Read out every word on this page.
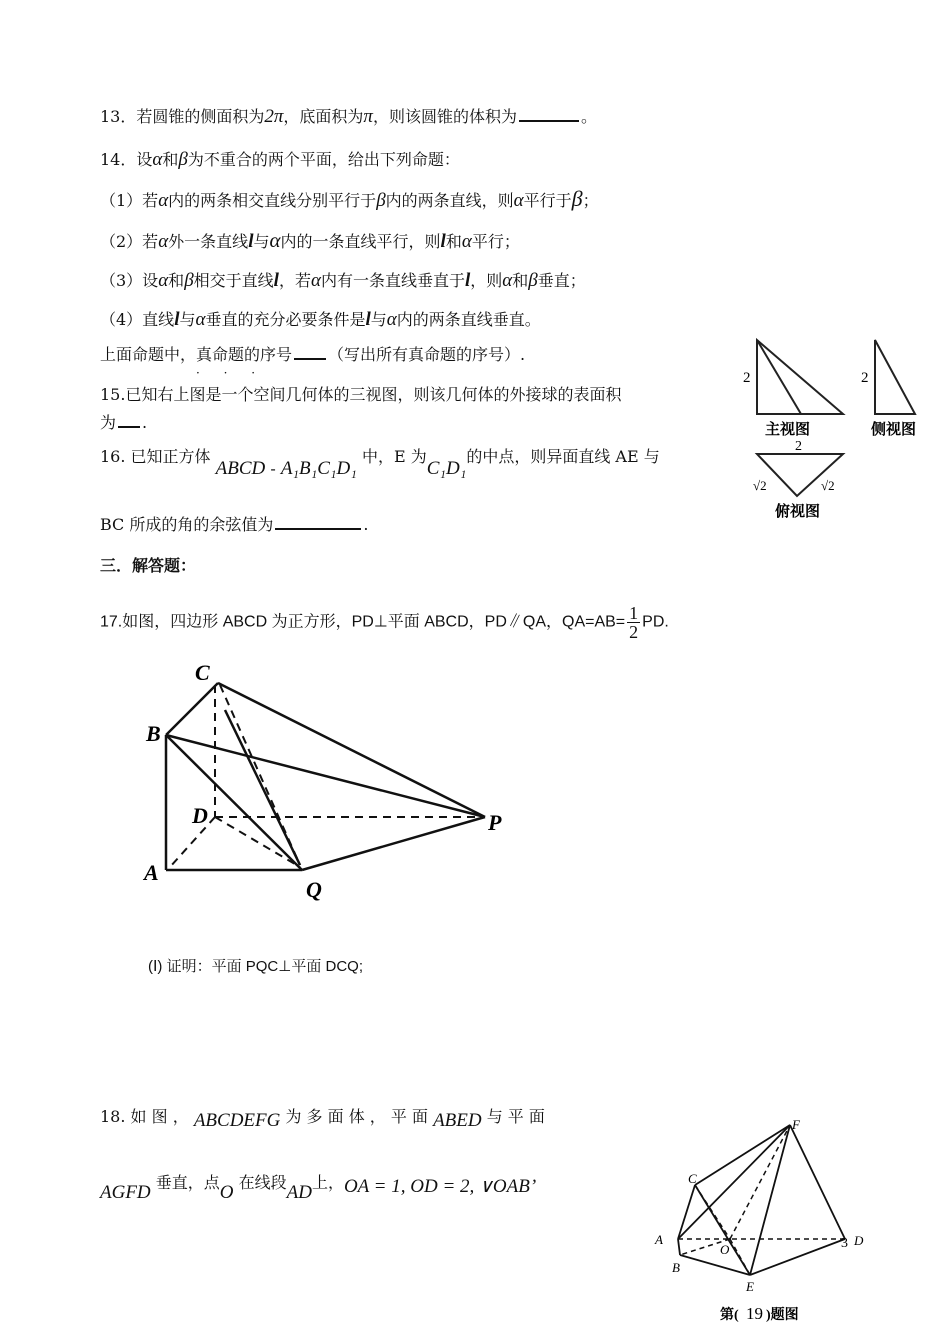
13．若圆锥的侧面积为2π，底面积为π，则该圆锥的体积为	。
14．设α和β为不重合的两个平面，给出下列命题：
（1）若α内的两条相交直线分别平行于β内的两条直线，则α平行于β；
（2）若α外一条直线l与α内的一条直线平行，则l和α平行；
（3）设α和β相交于直线l，若α内有一条直线垂直于l，则α和β垂直；
（4）直线l与α垂直的充分必要条件是l与α内的两条直线垂直。
上面命题中，真命题
· · ·
的序号 （写出所有真命题的序号）.
15.已知右上图是一个空间几何体的三视图，则该几何体的外接球的表面积
为 .
16. 已知正方体 ABCD - A₁B₁C₁D₁ 中，E 为C₁D₁的中点，则异面直线 AE 与
BC 所成的角的余弦值为	.
三．解答题：
17.如图，四边形 ABCD 为正方形，PD⊥平面 ABCD，PD∥QA，$QA=AB= \frac{1}{2}$ PD.
(Ⅰ) 证明：平面 PQC⊥平面 DCQ;
18. 如 图 ， ABCDEFG 为 多 面 体 ， 平 面 ABED 与 平 面
AGFD 垂直，点O 在线段AD上，OA = 1, OD = 2, ∨OAB’
2
主视图
2
侧视图
2
√2	√2
俯视图
C
B
D	P
A
Q
F
C
A
O
D
B
E
3
第( 19 )题图
